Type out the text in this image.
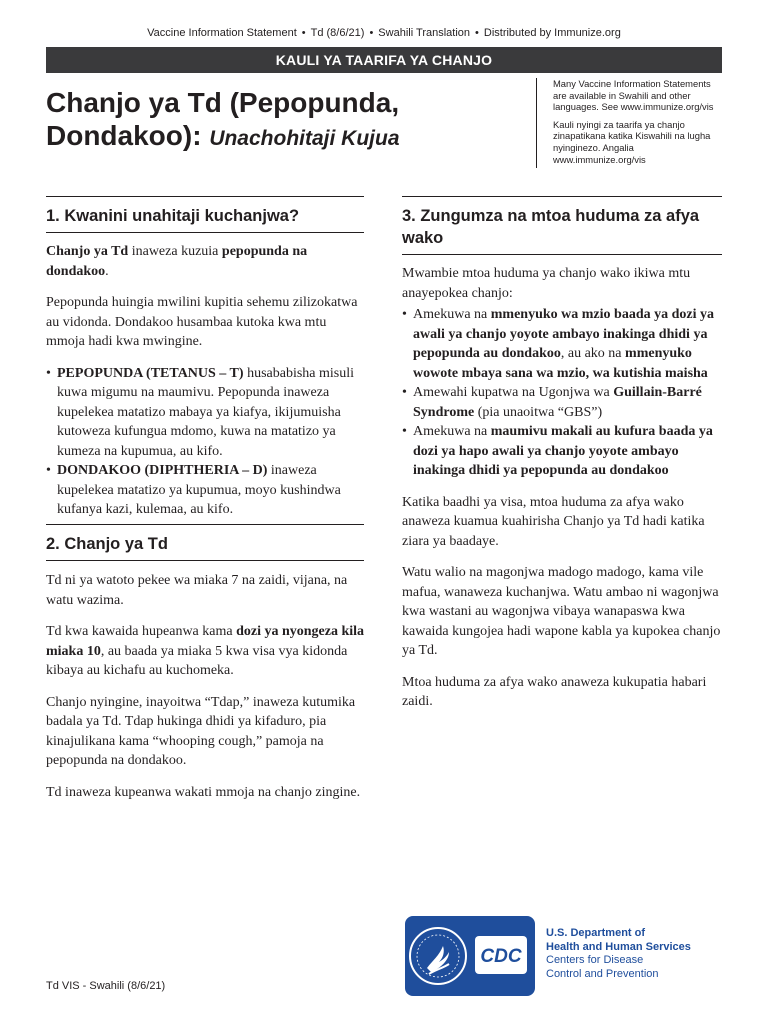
Vaccine Information Statement • Td (8/6/21) • Swahili Translation • Distributed by Immunize.org
KAULI YA TAARIFA YA CHANJO
Chanjo ya Td (Pepopunda,
Dondakoo): Unachohitaji Kujua

Many Vaccine Information Statements are available in Swahili and other languages. See www.immunize.org/vis

Kauli nyingi za taarifa ya chanjo zinapatikana katika Kiswahili na lugha nyinginezo. Angalia www.immunize.org/vis

1. Kwanini unahitaji kuchanjwa?

Chanjo ya Td inaweza kuzuia pepopunda na dondakoo.

Pepopunda huingia mwilini kupitia sehemu zilizokatwa au vidonda. Dondakoo husambaa kutoka kwa mtu mmoja hadi kwa mwingine.

• PEPOPUNDA (TETANUS – T) husababisha misuli kuwa migumu na maumivu. Pepopunda inaweza kupelekea matatizo mabaya ya kiafya, ikijumuisha kutoweza kufungua mdomo, kuwa na matatizo ya kumeza na kupumua, au kifo.
• DONDAKOO (DIPHTHERIA – D) inaweza kupelekea matatizo ya kupumua, moyo kushindwa kufanya kazi, kulemaa, au kifo.
2. Chanjo ya Td

Td ni ya watoto pekee wa miaka 7 na zaidi, vijana, na watu wazima.

Td kwa kawaida hupeanwa kama dozi ya nyongeza kila miaka 10, au baada ya miaka 5 kwa visa vya kidonda kibaya au kichafu au kuchomeka.

Chanjo nyingine, inayoitwa “Tdap,” inaweza kutumika badala ya Td. Tdap hukinga dhidi ya kifaduro, pia kinajulikana kama “whooping cough,” pamoja na pepopunda na dondakoo.

Td inaweza kupeanwa wakati mmoja na chanjo zingine.

3. Zungumza na mtoa huduma za afya wako

Mwambie mtoa huduma ya chanjo wako ikiwa mtu anayepokea chanjo:

• Amekuwa na mmenyuko wa mzio baada ya dozi ya awali ya chanjo yoyote ambayo inakinga dhidi ya pepopunda au dondakoo, au ako na mmenyuko wowote mbaya sana wa mzio, wa kutishia maisha
• Amewahi kupatwa na Ugonjwa wa Guillain-Barré Syndrome (pia unaoitwa “GBS”)
• Amekuwa na maumivu makali au kufura baada ya dozi ya hapo awali ya chanjo yoyote ambayo inakinga dhidi ya pepopunda au dondakoo

Katika baadhi ya visa, mtoa huduma za afya wako anaweza kuamua kuahirisha Chanjo ya Td hadi katika ziara ya baadaye.

Watu walio na magonjwa madogo madogo, kama vile mafua, wanaweza kuchanjwa. Watu ambao ni wagonjwa kwa wastani au wagonjwa vibaya wanapaswa kwa kawaida kungojea hadi wapone kabla ya kupokea chanjo ya Td.

Mtoa huduma za afya wako anaweza kukupatia habari zaidi.

Td VIS - Swahili (8/6/21)
CDC
U.S. Department of
Health and Human Services
Centers for Disease
Control and Prevention
